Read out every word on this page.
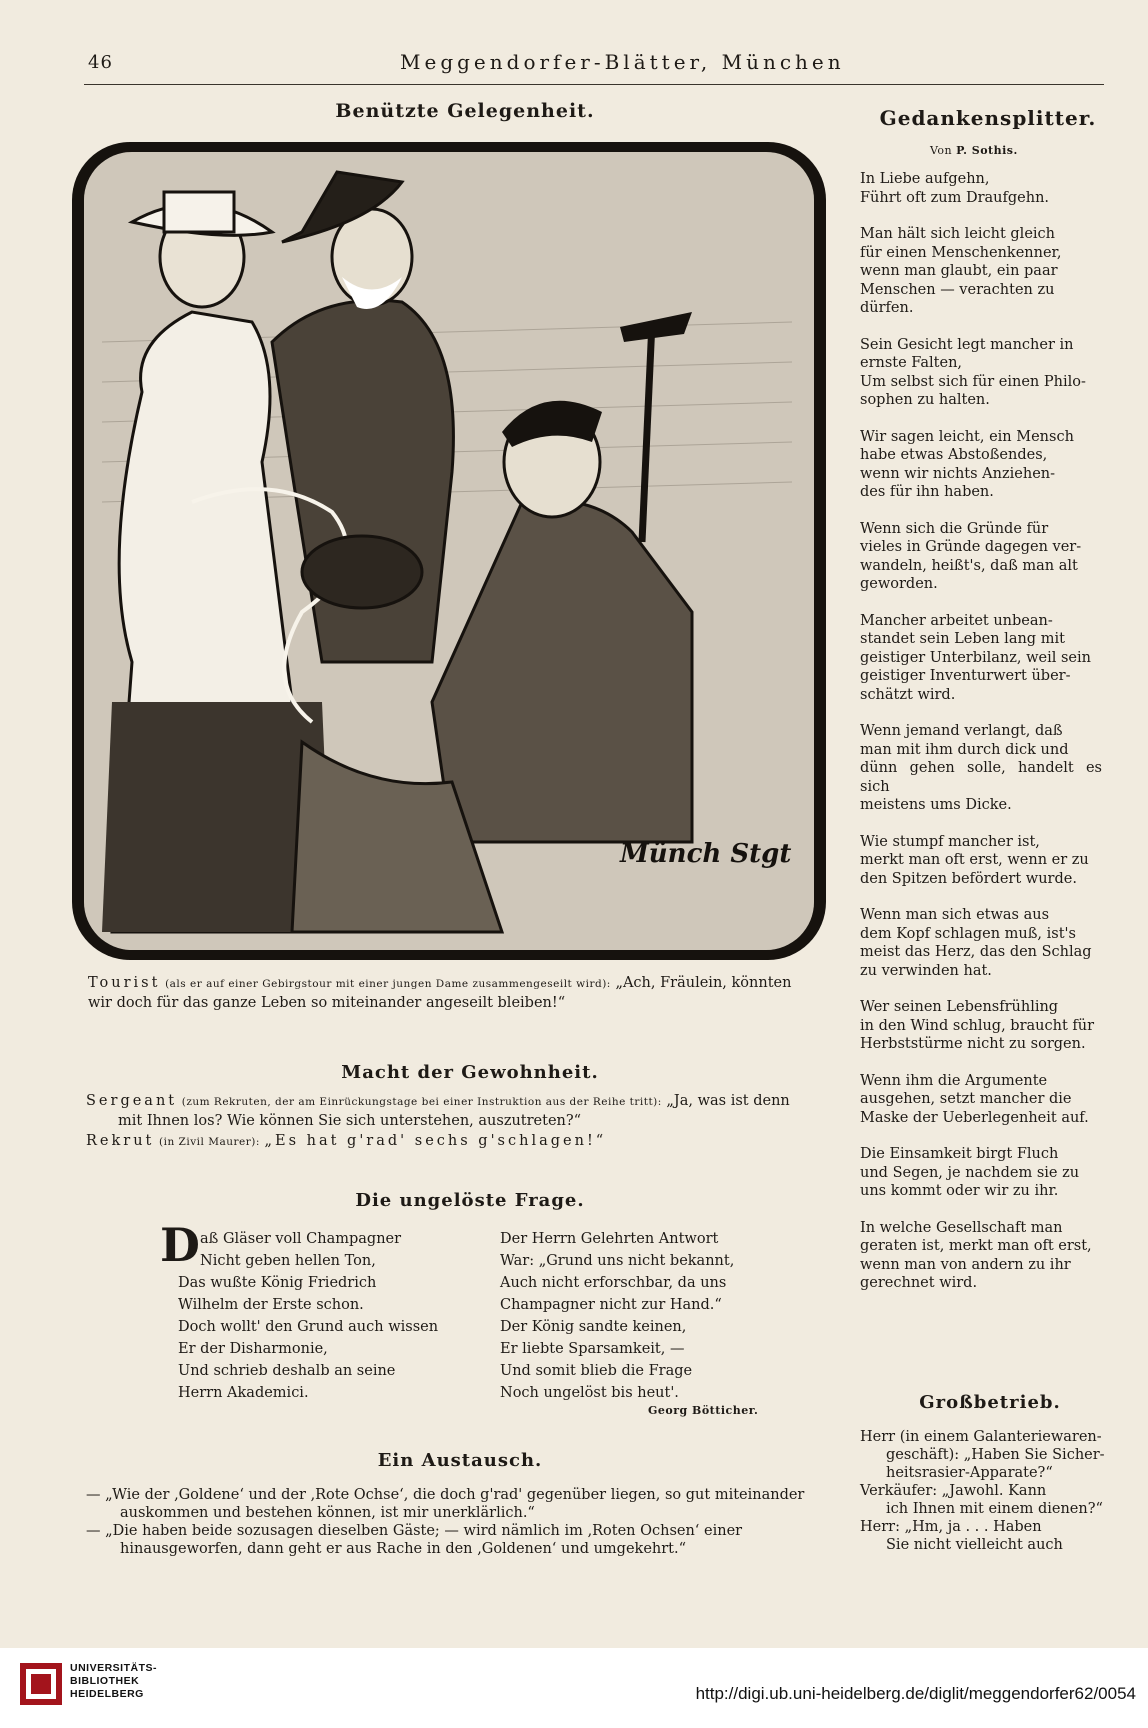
46	Meggendorfer-Blätter, München
Benützte Gelegenheit.
Münch Stgt
Tourist (als er auf einer Gebirgstour mit einer jungen Dame zusammengeseilt wird): „Ach, Fräulein, könnten
wir doch für das ganze Leben so miteinander angeseilt bleiben!“
Macht der Gewohnheit.
Sergeant (zum Rekruten, der am Einrückungstage bei einer Instruktion aus der Reihe tritt): „Ja, was ist denn
mit Ihnen los? Wie können Sie sich unterstehen, auszutreten?“
Rekrut (in Zivil Maurer): „Es hat g'rad' sechs g'schlagen!“
Die ungelöste Frage.
D aß Gläser voll Champagner
Nicht geben hellen Ton,
Das wußte König Friedrich
Wilhelm der Erste schon.
Doch wollt' den Grund auch wissen
Er der Disharmonie,
Und schrieb deshalb an seine
Herrn Akademici.
Der Herrn Gelehrten Antwort
War: „Grund uns nicht bekannt,
Auch nicht erforschbar, da uns
Champagner nicht zur Hand.“
Der König sandte keinen,
Er liebte Sparsamkeit, —
Und somit blieb die Frage
Noch ungelöst bis heut'.
Georg Bötticher.
Ein Austausch.
— „Wie der ‚Goldene‘ und der ‚Rote Ochse‘, die doch g'rad' gegenüber liegen, so gut miteinander
auskommen und bestehen können, ist mir unerklärlich.“
— „Die haben beide sozusagen dieselben Gäste; — wird nämlich im ‚Roten Ochsen‘ einer
hinausgeworfen, dann geht er aus Rache in den ‚Goldenen‘ und umgekehrt.“
Gedankensplitter.
Von P. Sothis.
In Liebe aufgehn,
Führt oft zum Draufgehn.
Man hält sich leicht gleich
für einen Menschenkenner,
wenn man glaubt, ein paar
Menschen — verachten zu
dürfen.
Sein Gesicht legt mancher in
ernste Falten,
Um selbst sich für einen Philo-
sophen zu halten.
Wir sagen leicht, ein Mensch
habe etwas Abstoßendes,
wenn wir nichts Anziehen-
des für ihn haben.
Wenn sich die Gründe für
vieles in Gründe dagegen ver-
wandeln, heißt's, daß man alt
geworden.
Mancher arbeitet unbean-
standet sein Leben lang mit
geistiger Unterbilanz, weil sein
geistiger Inventurwert über-
schätzt wird.
Wenn jemand verlangt, daß
man mit ihm durch dick und
dünn gehen solle, handelt es sich
meistens ums Dicke.
Wie stumpf mancher ist,
merkt man oft erst, wenn er zu
den Spitzen befördert wurde.
Wenn man sich etwas aus
dem Kopf schlagen muß, ist's
meist das Herz, das den Schlag
zu verwinden hat.
Wer seinen Lebensfrühling
in den Wind schlug, braucht für
Herbststürme nicht zu sorgen.
Wenn ihm die Argumente
ausgehen, setzt mancher die
Maske der Ueberlegenheit auf.
Die Einsamkeit birgt Fluch
und Segen, je nachdem sie zu
uns kommt oder wir zu ihr.
In welche Gesellschaft man
geraten ist, merkt man oft erst,
wenn man von andern zu ihr
gerechnet wird.
Großbetrieb.
Herr (in einem Galanteriewaren-
geschäft): „Haben Sie Sicher-
heitsrasier-Apparate?“
Verkäufer: „Jawohl. Kann
ich Ihnen mit einem dienen?“
Herr: „Hm, ja . . . Haben
Sie nicht vielleicht auch
UNIVERSITÄTS-
BIBLIOTHEK
HEIDELBERG	http://digi.ub.uni-heidelberg.de/diglit/meggendorfer62/0054
